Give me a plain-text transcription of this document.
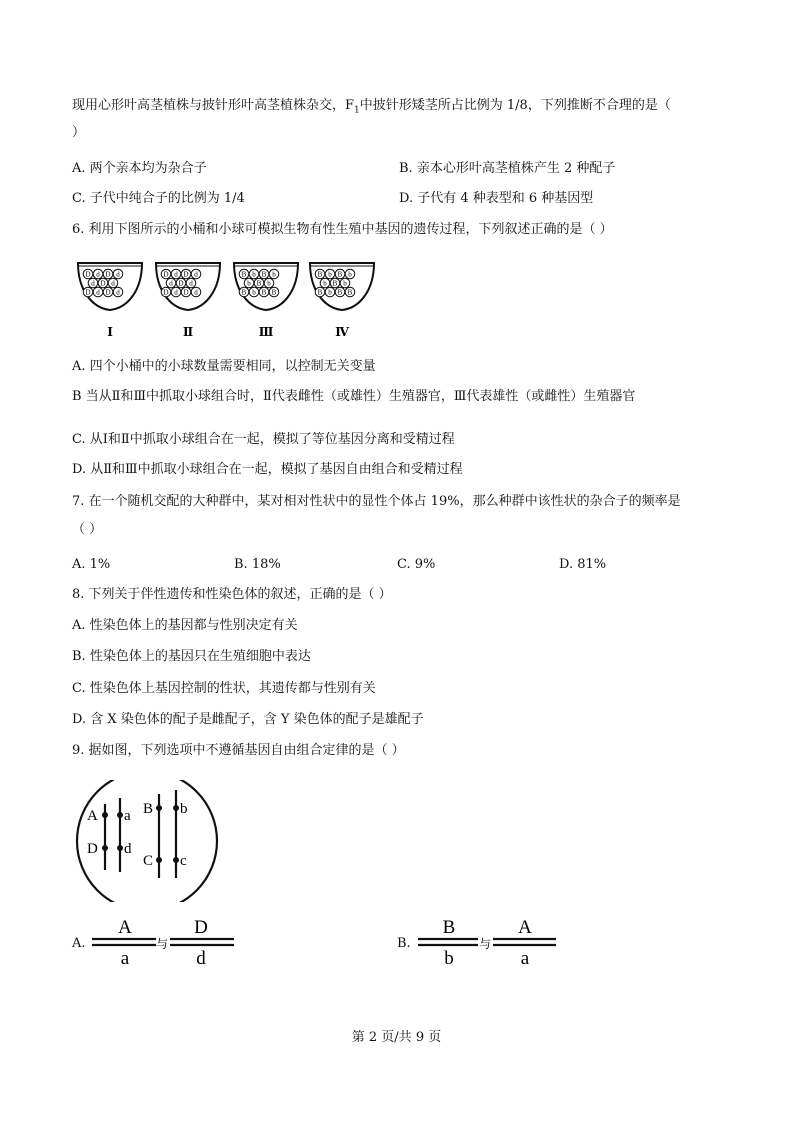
现用心形叶高茎植株与披针形叶高茎植株杂交，$F_1$中披针形矮茎所占比例为 1/8，下列推断不合理的是（
）
A. 两个亲本均为杂合子	B. 亲本心形叶高茎植株产生 2 种配子
C. 子代中纯合子的比例为 1/4	D. 子代有 4 种表型和 6 种基因型
6. 利用下图所示的小桶和小球可模拟生物有性生殖中基因的遗传过程，下列叙述正确的是（ ）
D d D d
d D d
D d D d
Ⅰ
D d D d
d D d
D d D d
Ⅱ
B b B b
b B b
B b B B
Ⅲ
B b B b
b B b
B b B B
Ⅳ
A. 四个小桶中的小球数量需要相同，以控制无关变量
B 当从Ⅱ和Ⅲ中抓取小球组合时，Ⅱ代表雌性（或雄性）生殖器官，Ⅲ代表雄性（或雌性）生殖器官
C. 从Ⅰ和Ⅱ中抓取小球组合在一起，模拟了等位基因分离和受精过程
D. 从Ⅱ和Ⅲ中抓取小球组合在一起，模拟了基因自由组合和受精过程
7. 在一个随机交配的大种群中，某对相对性状中的显性个体占 19%，那么种群中该性状的杂合子的频率是
（ ）
A. 1%	B. 18%	C. 9%	D. 81%
8. 下列关于伴性遗传和性染色体的叙述，正确的是（ ）
A. 性染色体上的基因都与性别决定有关
B. 性染色体上的基因只在生殖细胞中表达
C. 性染色体上基因控制的性状，其遗传都与性别有关
D. 含 X 染色体的配子是雌配子，含 Y 染色体的配子是雄配子
9. 据如图，下列选项中不遵循基因自由组合定律的是（ ）
A a
D d
B b
C c
A.
A
a
与
D
d
B.
B
b
与
A
a
第 2 页/共 9 页
